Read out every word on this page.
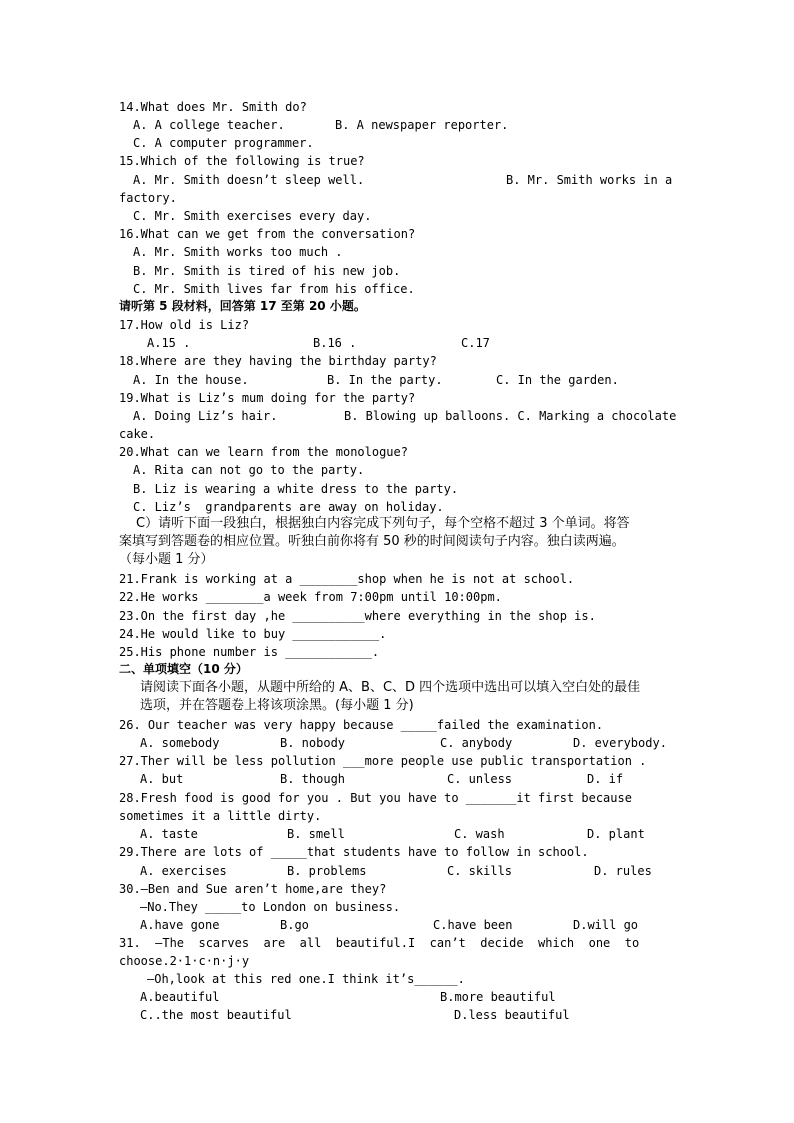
14.What does Mr. Smith do?

A. A college teacher.

	B. A newspaper reporter.

C. A computer programmer.
15.Which of the following is true?

A. Mr. Smith doesn’t sleep well.

	B. Mr. Smith works in a

factory.
C. Mr. Smith exercises every day.
16.What can we get from the conversation?
A. Mr. Smith works too much .
B. Mr. Smith is tired of his new job.
C. Mr. Smith lives far from his office.
请听第 5 段材料，回答第 17 至第 20 小题。
17.How old is Liz?

A.15 .

	B.16 .

	C.17

18.Where are they having the birthday party?

A. In the house.

	B. In the party.

	C. In the garden.

19.What is Liz’s mum doing for the party?

A. Doing Liz’s hair.

	B. Blowing up balloons. C. Marking a chocolate

cake.
20.What can we learn from the monologue?
A. Rita can not go to the party.
B. Liz is wearing a white dress to the party.
C. Liz’s  grandparents are away on holiday.
C）请听下面一段独白，根据独白内容完成下列句子，每个空格不超过 3 个单词。将答
案填写到答题卷的相应位置。听独白前你将有 50 秒的时间阅读句子内容。独白读两遍。
（每小题 1 分）
21.Frank is working at a ________shop when he is not at school.
22.He works ________a week from 7:00pm until 10:00pm.
23.On the first day ,he __________where everything in the shop is.
24.He would like to buy ____________.
25.His phone number is ____________.
二、单项填空（10 分）
请阅读下面各小题，从题中所给的 A、B、C、D 四个选项中选出可以填入空白处的最佳
选项，并在答题卷上将该项涂黑。(每小题 1 分)
26. Our teacher was very happy because _____failed the examination.

A. somebody

	B. nobody

	C. anybody

	D. everybody.

27.Ther will be less pollution ___more people use public transportation .

A. but

	B. though

	C. unless

	D. if

28.Fresh food is good for you . But you have to _______it first because
sometimes it a little dirty.

A. taste

	B. smell

	C. wash

	D. plant

29.There are lots of _____that students have to follow in school.

A. exercises

	B. problems

	C. skills

	D. rules

30.—Ben and Sue aren’t home,are they?
—No.They _____to London on business.

A.have gone

	B.go

	C.have been

	D.will go

31.  —The  scarves  are  all  beautiful.I  can’t  decide  which  one  to
choose.2·1·c·n·j·y
—Oh,look at this red one.I think it’s______.

A.beautiful

	B.more beautiful

C..the most beautiful

	D.less beautiful
